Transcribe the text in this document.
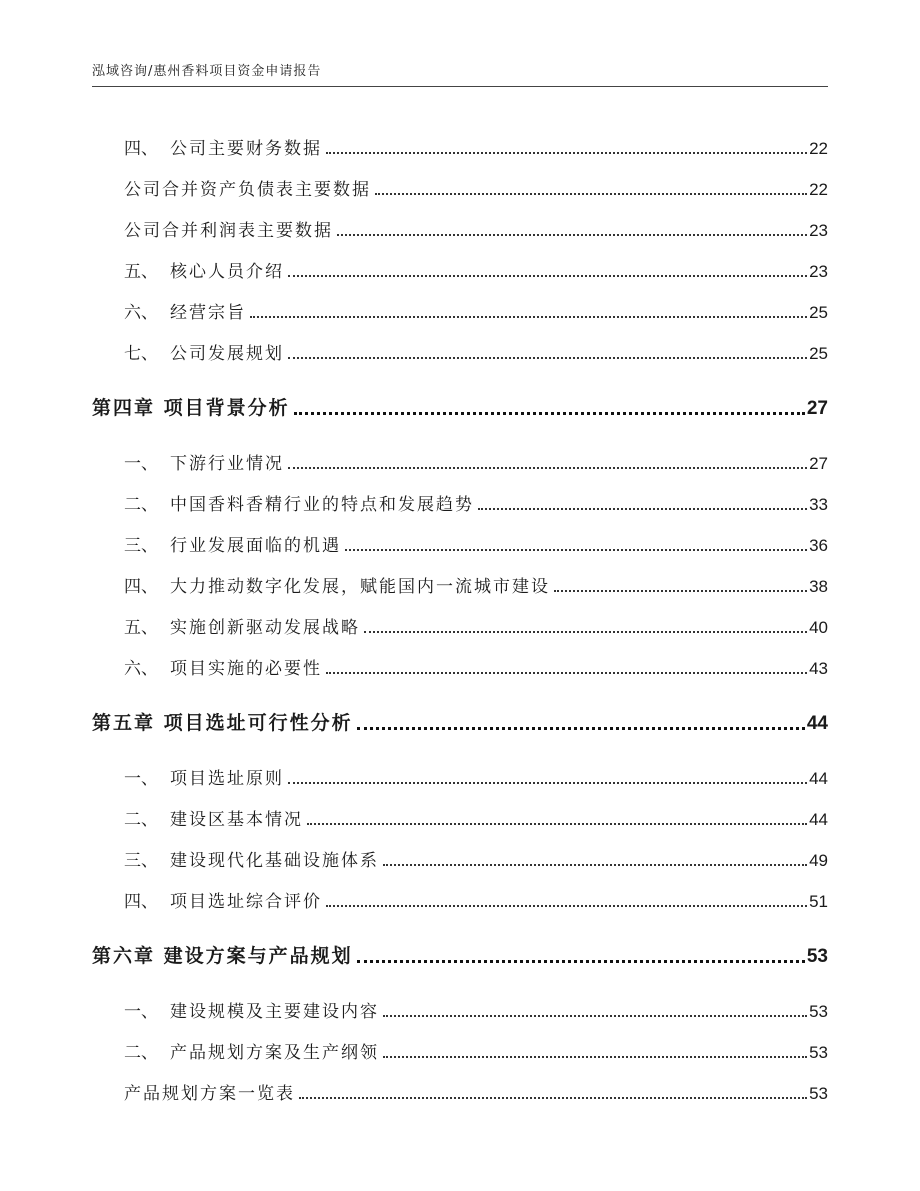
泓域咨询/惠州香料项目资金申请报告
四、 公司主要财务数据	22
公司合并资产负债表主要数据	22
公司合并利润表主要数据	23
五、 核心人员介绍	23
六、 经营宗旨	25
七、 公司发展规划	25
第四章 项目背景分析	27
一、 下游行业情况	27
二、 中国香料香精行业的特点和发展趋势	33
三、 行业发展面临的机遇	36
四、 大力推动数字化发展，赋能国内一流城市建设	38
五、 实施创新驱动发展战略	40
六、 项目实施的必要性	43
第五章 项目选址可行性分析	44
一、 项目选址原则	44
二、 建设区基本情况	44
三、 建设现代化基础设施体系	49
四、 项目选址综合评价	51
第六章 建设方案与产品规划	53
一、 建设规模及主要建设内容	53
二、 产品规划方案及生产纲领	53
产品规划方案一览表	53
